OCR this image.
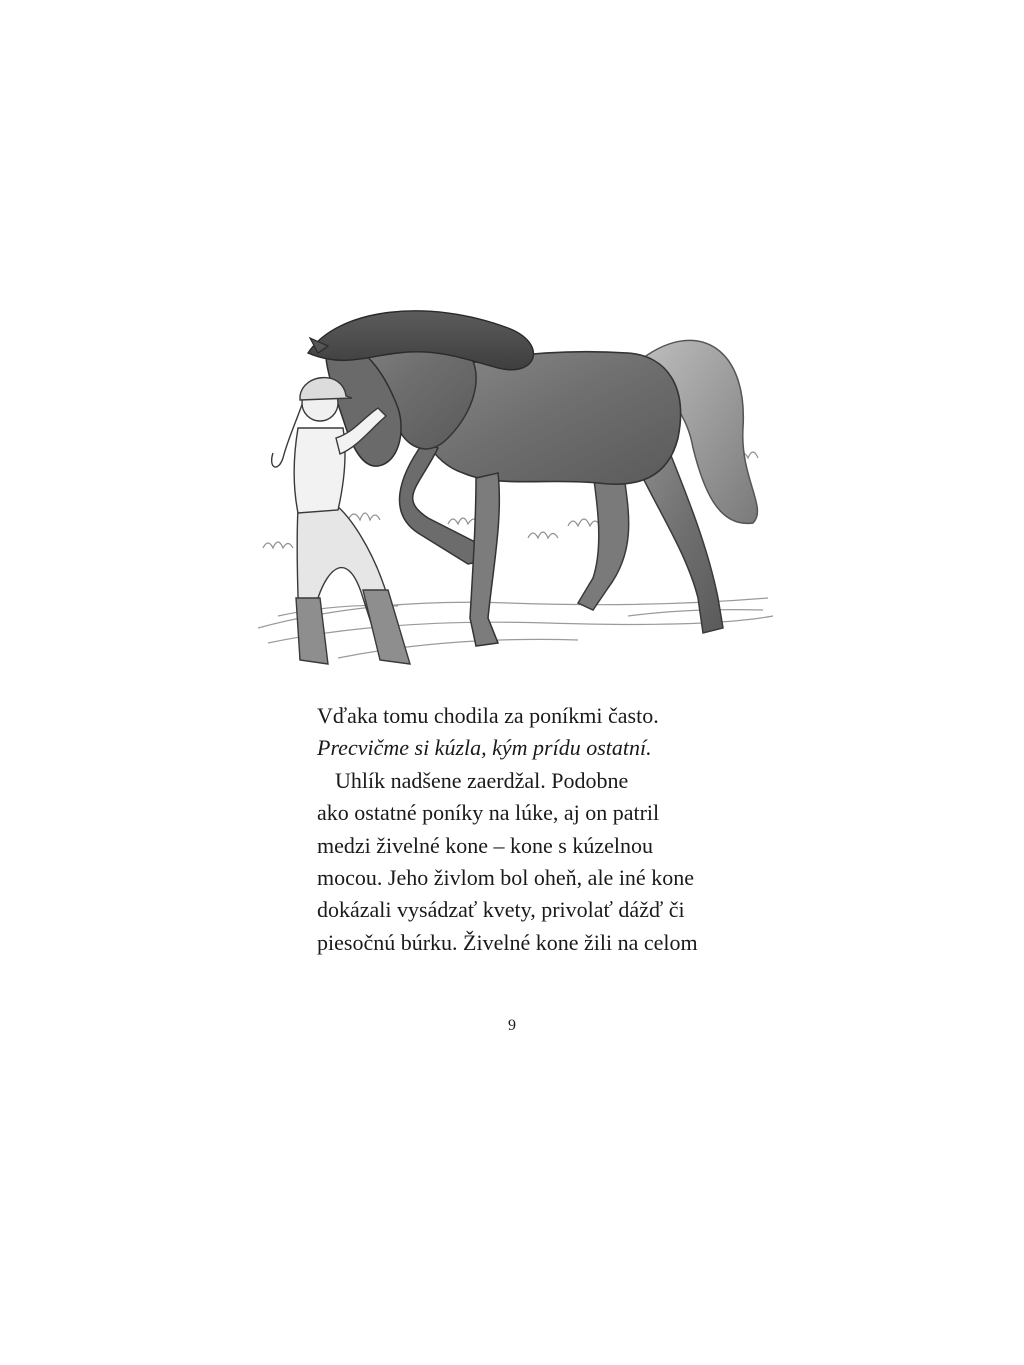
Vďaka tomu chodila za poníkmi často.
Precvičme si kúzla, kým prídu ostatní.
Uhlík nadšene zaerdžal. Podobne
ako ostatné poníky na lúke, aj on patril
medzi živelné kone – kone s kúzelnou
mocou. Jeho živlom bol oheň, ale iné kone
dokázali vysádzať kvety, privolať dážď či
piesočnú búrku. Živelné kone žili na celom
9
